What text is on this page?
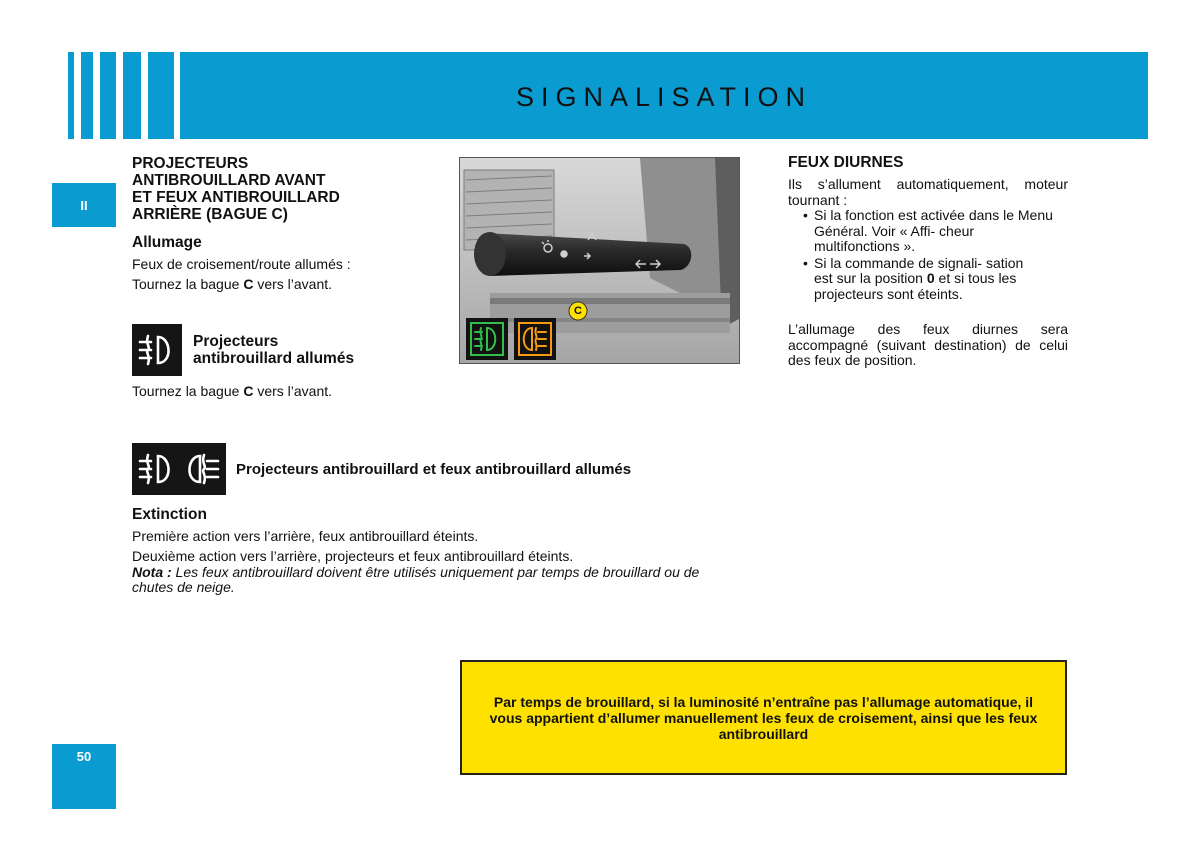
SIGNALISATION
II
50
PROJECTEURS
ANTIBROUILLARD AVANT
ET FEUX ANTIBROUILLARD
ARRIÈRE (BAGUE C)
Allumage
Feux de croisement/route allumés :
Tournez la bague C vers l’avant.
Projecteurs
antibrouillard allumés
Tournez la bague C vers l’avant.
Projecteurs antibrouillard et feux antibrouillard allumés
Extinction
Première action vers l’arrière, feux antibrouillard éteints.
Deuxième action vers l’arrière, projecteurs et feux antibrouillard éteints.
Nota : Les feux antibrouillard doivent être utilisés uniquement par temps de brouillard ou de chutes de neige.
C
FEUX DIURNES
Ils s’allument automatiquement, moteur tournant :
• Si la fonction est activée dans le Menu Général. Voir « Affi- cheur multifonctions ».
• Si la commande de signali- sation est sur la position 0 et si tous les projecteurs sont éteints.
L’allumage des feux diurnes sera accompagné (suivant destination) de celui des feux de position.
Par temps de brouillard, si la luminosité n’entraîne pas l’allumage automatique, il vous appartient d’allumer manuellement les feux de croisement, ainsi que les feux antibrouillard
